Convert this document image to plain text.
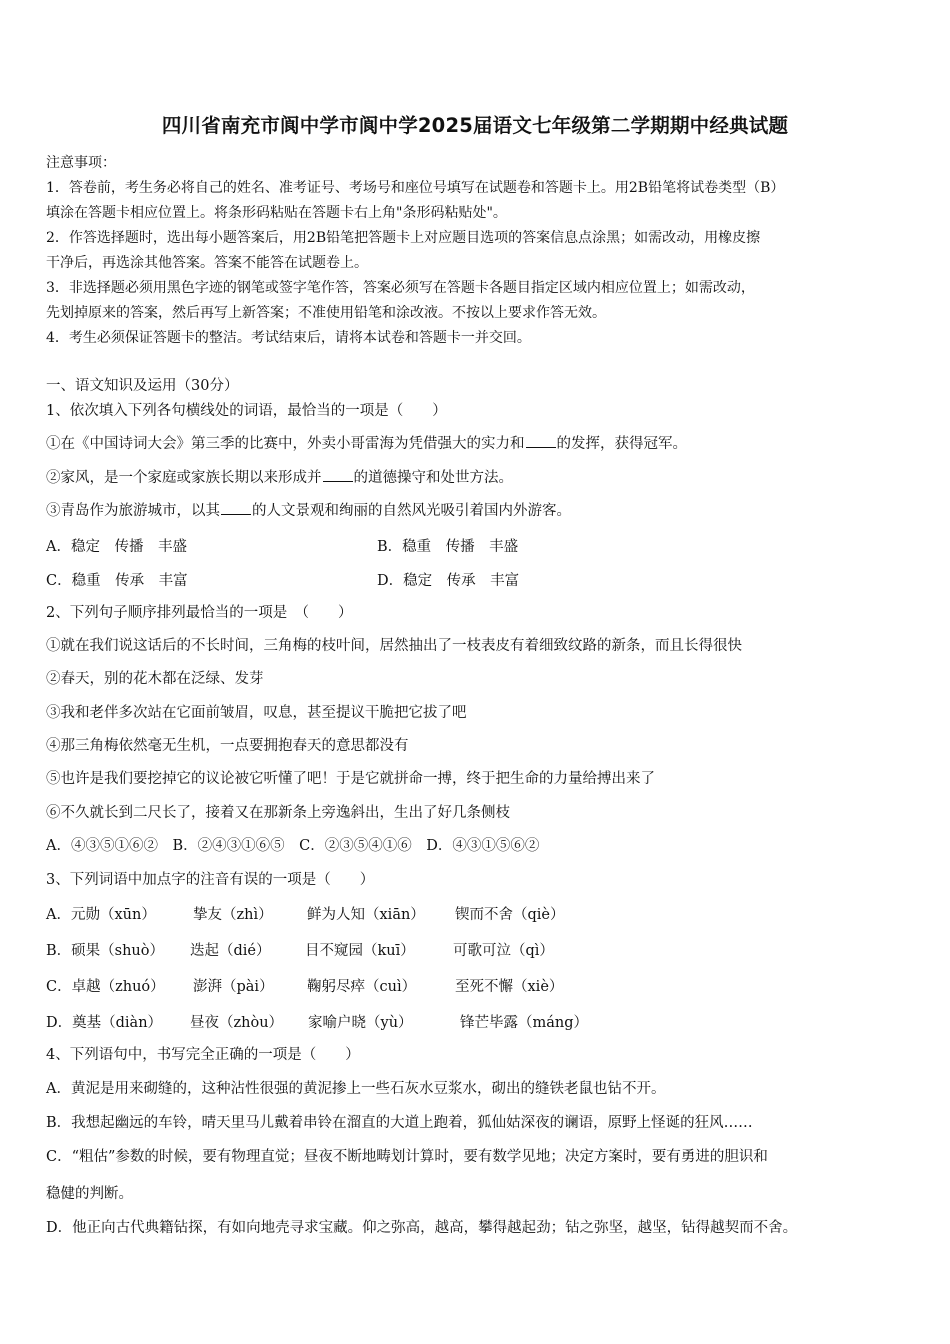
四川省南充市阆中学市阆中学2025届语文七年级第二学期期中经典试题
注意事项：
1．答卷前，考生务必将自己的姓名、准考证号、考场号和座位号填写在试题卷和答题卡上。用2B铅笔将试卷类型（B）
填涂在答题卡相应位置上。将条形码粘贴在答题卡右上角"条形码粘贴处"。
2．作答选择题时，选出每小题答案后，用2B铅笔把答题卡上对应题目选项的答案信息点涂黑；如需改动，用橡皮擦
干净后，再选涂其他答案。答案不能答在试题卷上。
3．非选择题必须用黑色字迹的钢笔或签字笔作答，答案必须写在答题卡各题目指定区域内相应位置上；如需改动，
先划掉原来的答案，然后再写上新答案；不准使用铅笔和涂改液。不按以上要求作答无效。
4．考生必须保证答题卡的整洁。考试结束后，请将本试卷和答题卡一并交回。
一、语文知识及运用（30分）
1、依次填入下列各句横线处的词语，最恰当的一项是（　　）
①在《中国诗词大会》第三季的比赛中，外卖小哥雷海为凭借强大的实力和 的发挥，获得冠军。
②家风，是一个家庭或家族长期以来形成并 的道德操守和处世方法。
③青岛作为旅游城市，以其 的人文景观和绚丽的自然风光吸引着国内外游客。
A．稳定　传播　丰盛	B．稳重　传播　丰盛
C．稳重　传承　丰富	D．稳定　传承　丰富
2、下列句子顺序排列最恰当的一项是　（　　）
①就在我们说这话后的不长时间，三角梅的枝叶间，居然抽出了一枝表皮有着细致纹路的新条，而且长得很快
②春天，别的花木都在泛绿、发芽
③我和老伴多次站在它面前皱眉，叹息，甚至提议干脆把它拔了吧
④那三角梅依然毫无生机，一点要拥抱春天的意思都没有
⑤也许是我们要挖掉它的议论被它听懂了吧！于是它就拼命一搏，终于把生命的力量给搏出来了
⑥不久就长到二尺长了，接着又在那新条上旁逸斜出，生出了好几条侧枝
A．④③⑤①⑥②　B．②④③①⑥⑤　C．②③⑤④①⑥　D．④③①⑤⑥②
3、下列词语中加点字的注音有误的一项是（　　）
A．元勋（xūn）	挚友（zhì） 鲜为人知（xiān） 锲而不舍（qiè）
B．硕果（shuò） 迭起（dié） 目不窥园（kuī）	可歌可泣（qì）
C．卓越（zhuó） 澎湃（pài） 鞠躬尽瘁（cuì）	至死不懈（xiè）
D．奠基（diàn） 昼夜（zhòu） 家喻户晓（yù）	锋芒毕露（máng）
4、下列语句中，书写完全正确的一项是（　　）
A．黄泥是用来砌缝的，这种沾性很强的黄泥掺上一些石灰水豆浆水，砌出的缝铁老鼠也钻不开。
B．我想起幽远的车铃，晴天里马儿戴着串铃在溜直的大道上跑着，狐仙姑深夜的谰语，原野上怪诞的狂风……
C．“粗估”参数的时候，要有物理直觉；昼夜不断地畴划计算时，要有数学见地；决定方案时，要有勇进的胆识和
稳健的判断。
D．他正向古代典籍钻探，有如向地壳寻求宝藏。仰之弥高，越高，攀得越起劲；钻之弥坚，越坚，钻得越契而不舍。
